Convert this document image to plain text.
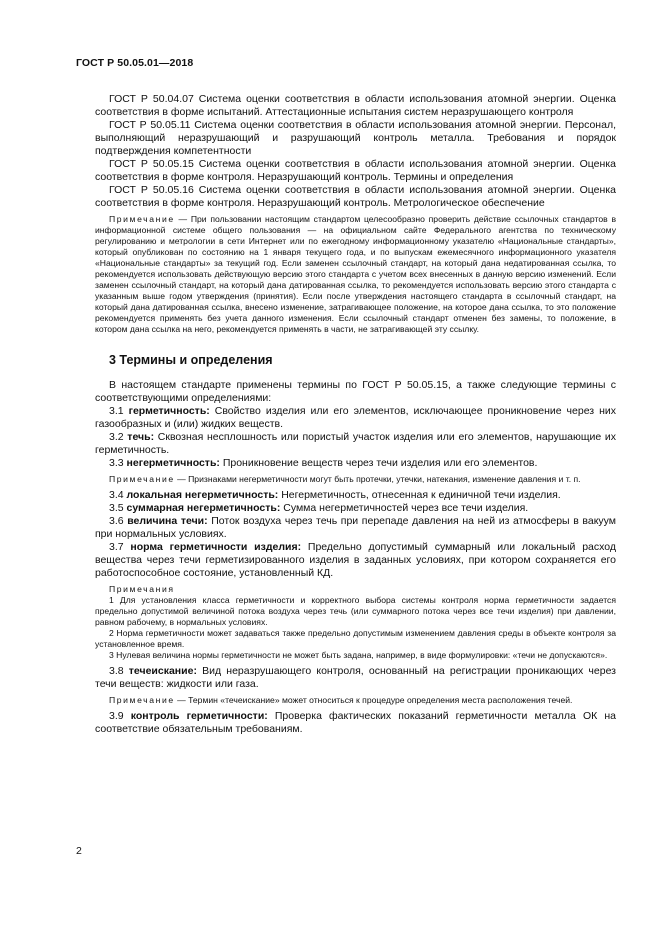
ГОСТ Р 50.05.01—2018

ГОСТ Р 50.04.07 Система оценки соответствия в области использования атомной энергии. Оценка соответствия в форме испытаний. Аттестационные испытания систем неразрушающего контроля

ГОСТ Р 50.05.11 Система оценки соответствия в области использования атомной энергии. Персонал, выполняющий неразрушающий и разрушающий контроль металла. Требования и порядок подтверждения компетентности

ГОСТ Р 50.05.15 Система оценки соответствия в области использования атомной энергии. Оценка соответствия в форме контроля. Неразрушающий контроль. Термины и определения

ГОСТ Р 50.05.16 Система оценки соответствия в области использования атомной энергии. Оценка соответствия в форме контроля. Неразрушающий контроль. Метрологическое обеспечение

Примечание — При пользовании настоящим стандартом целесообразно проверить действие ссылочных стандартов в информационной системе общего пользования — на официальном сайте Федерального агентства по техническому регулированию и метрологии в сети Интернет или по ежегодному информационному указателю «Национальные стандарты», который опубликован по состоянию на 1 января текущего года, и по выпускам ежемесячного информационного указателя «Национальные стандарты» за текущий год. Если заменен ссылочный стандарт, на который дана недатированная ссылка, то рекомендуется использовать действующую версию этого стандарта с учетом всех внесенных в данную версию изменений. Если заменен ссылочный стандарт, на который дана датированная ссылка, то рекомендуется использовать версию этого стандарта с указанным выше годом утверждения (принятия). Если после утверждения настоящего стандарта в ссылочный стандарт, на который дана датированная ссылка, внесено изменение, затрагивающее положение, на которое дана ссылка, то это положение рекомендуется применять без учета данного изменения. Если ссылочный стандарт отменен без замены, то положение, в котором дана ссылка на него, рекомендуется применять в части, не затрагивающей эту ссылку.

3 Термины и определения

В настоящем стандарте применены термины по ГОСТ Р 50.05.15, а также следующие термины с соответствующими определениями:

3.1 герметичность: Свойство изделия или его элементов, исключающее проникновение через них газообразных и (или) жидких веществ.

3.2 течь: Сквозная несплошность или пористый участок изделия или его элементов, нарушающие их герметичность.

3.3 негерметичность: Проникновение веществ через течи изделия или его элементов.

Примечание — Признаками негерметичности могут быть протечки, утечки, натекания, изменение давления и т. п.

3.4 локальная негерметичность: Негерметичность, отнесенная к единичной течи изделия.

3.5 суммарная негерметичность: Сумма негерметичностей через все течи изделия.

3.6 величина течи: Поток воздуха через течь при перепаде давления на ней из атмосферы в вакуум при нормальных условиях.

3.7 норма герметичности изделия: Предельно допустимый суммарный или локальный расход вещества через течи герметизированного изделия в заданных условиях, при котором сохраняется его работоспособное состояние, установленный КД.

Примечания

1 Для установления класса герметичности и корректного выбора системы контроля норма герметичности задается предельно допустимой величиной потока воздуха через течь (или суммарного потока через все течи изделия) при давлении, равном рабочему, в нормальных условиях.

2 Норма герметичности может задаваться также предельно допустимым изменением давления среды в объекте контроля за установленное время.

3 Нулевая величина нормы герметичности не может быть задана, например, в виде формулировки: «течи не допускаются».

3.8 течеискание: Вид неразрушающего контроля, основанный на регистрации проникающих через течи веществ: жидкости или газа.

Примечание — Термин «течеискание» может относиться к процедуре определения места расположения течей.

3.9 контроль герметичности: Проверка фактических показаний герметичности металла ОК на соответствие обязательным требованиям.

2
